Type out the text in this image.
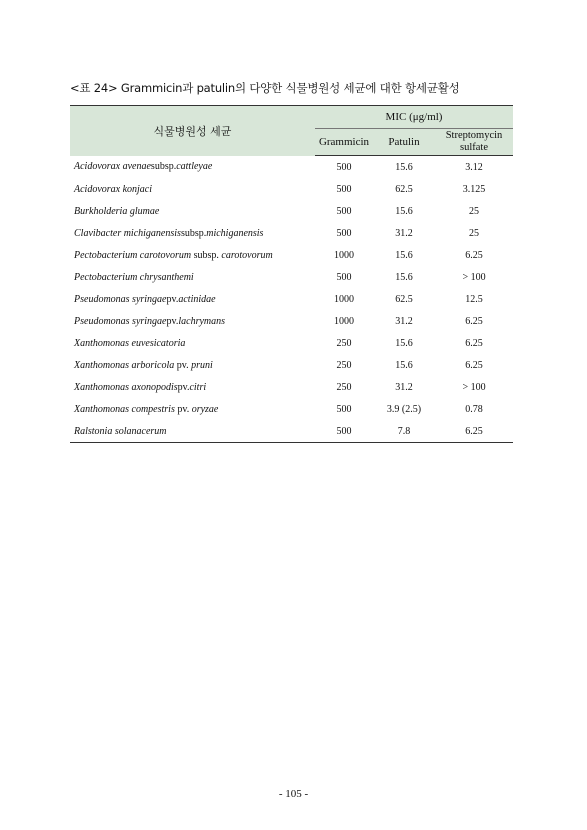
<표 24> Grammicin과 patulin의 다양한 식물병원성 세균에 대한 항세균활성
식물병원성 세균	MIC (μg/ml)		
	Grammicin	Patulin	Streptomycin
sulfate
Acidovorax avenaesubsp.cattleyae	500	15.6	3.12
Acidovorax konjaci	500	62.5	3.125
Burkholderia glumae	500	15.6	25
Clavibacter michiganensissubsp.michiganensis	500	31.2	25
Pectobacterium carotovorum subsp. carotovorum	1000	15.6	6.25
Pectobacterium chrysanthemi	500	15.6	> 100
Pseudomonas syringaepv.actinidae	1000	62.5	12.5
Pseudomonas syringaepv.lachrymans	1000	31.2	6.25
Xanthomonas euvesicatoria	250	15.6	6.25
Xanthomonas arboricola pv. pruni	250	15.6	6.25
Xanthomonas axonopodispv.citri	250	31.2	> 100
Xanthomonas compestris pv. oryzae	500	3.9 (2.5)	0.78
Ralstonia solanacerum	500	7.8	6.25
- 105 -
